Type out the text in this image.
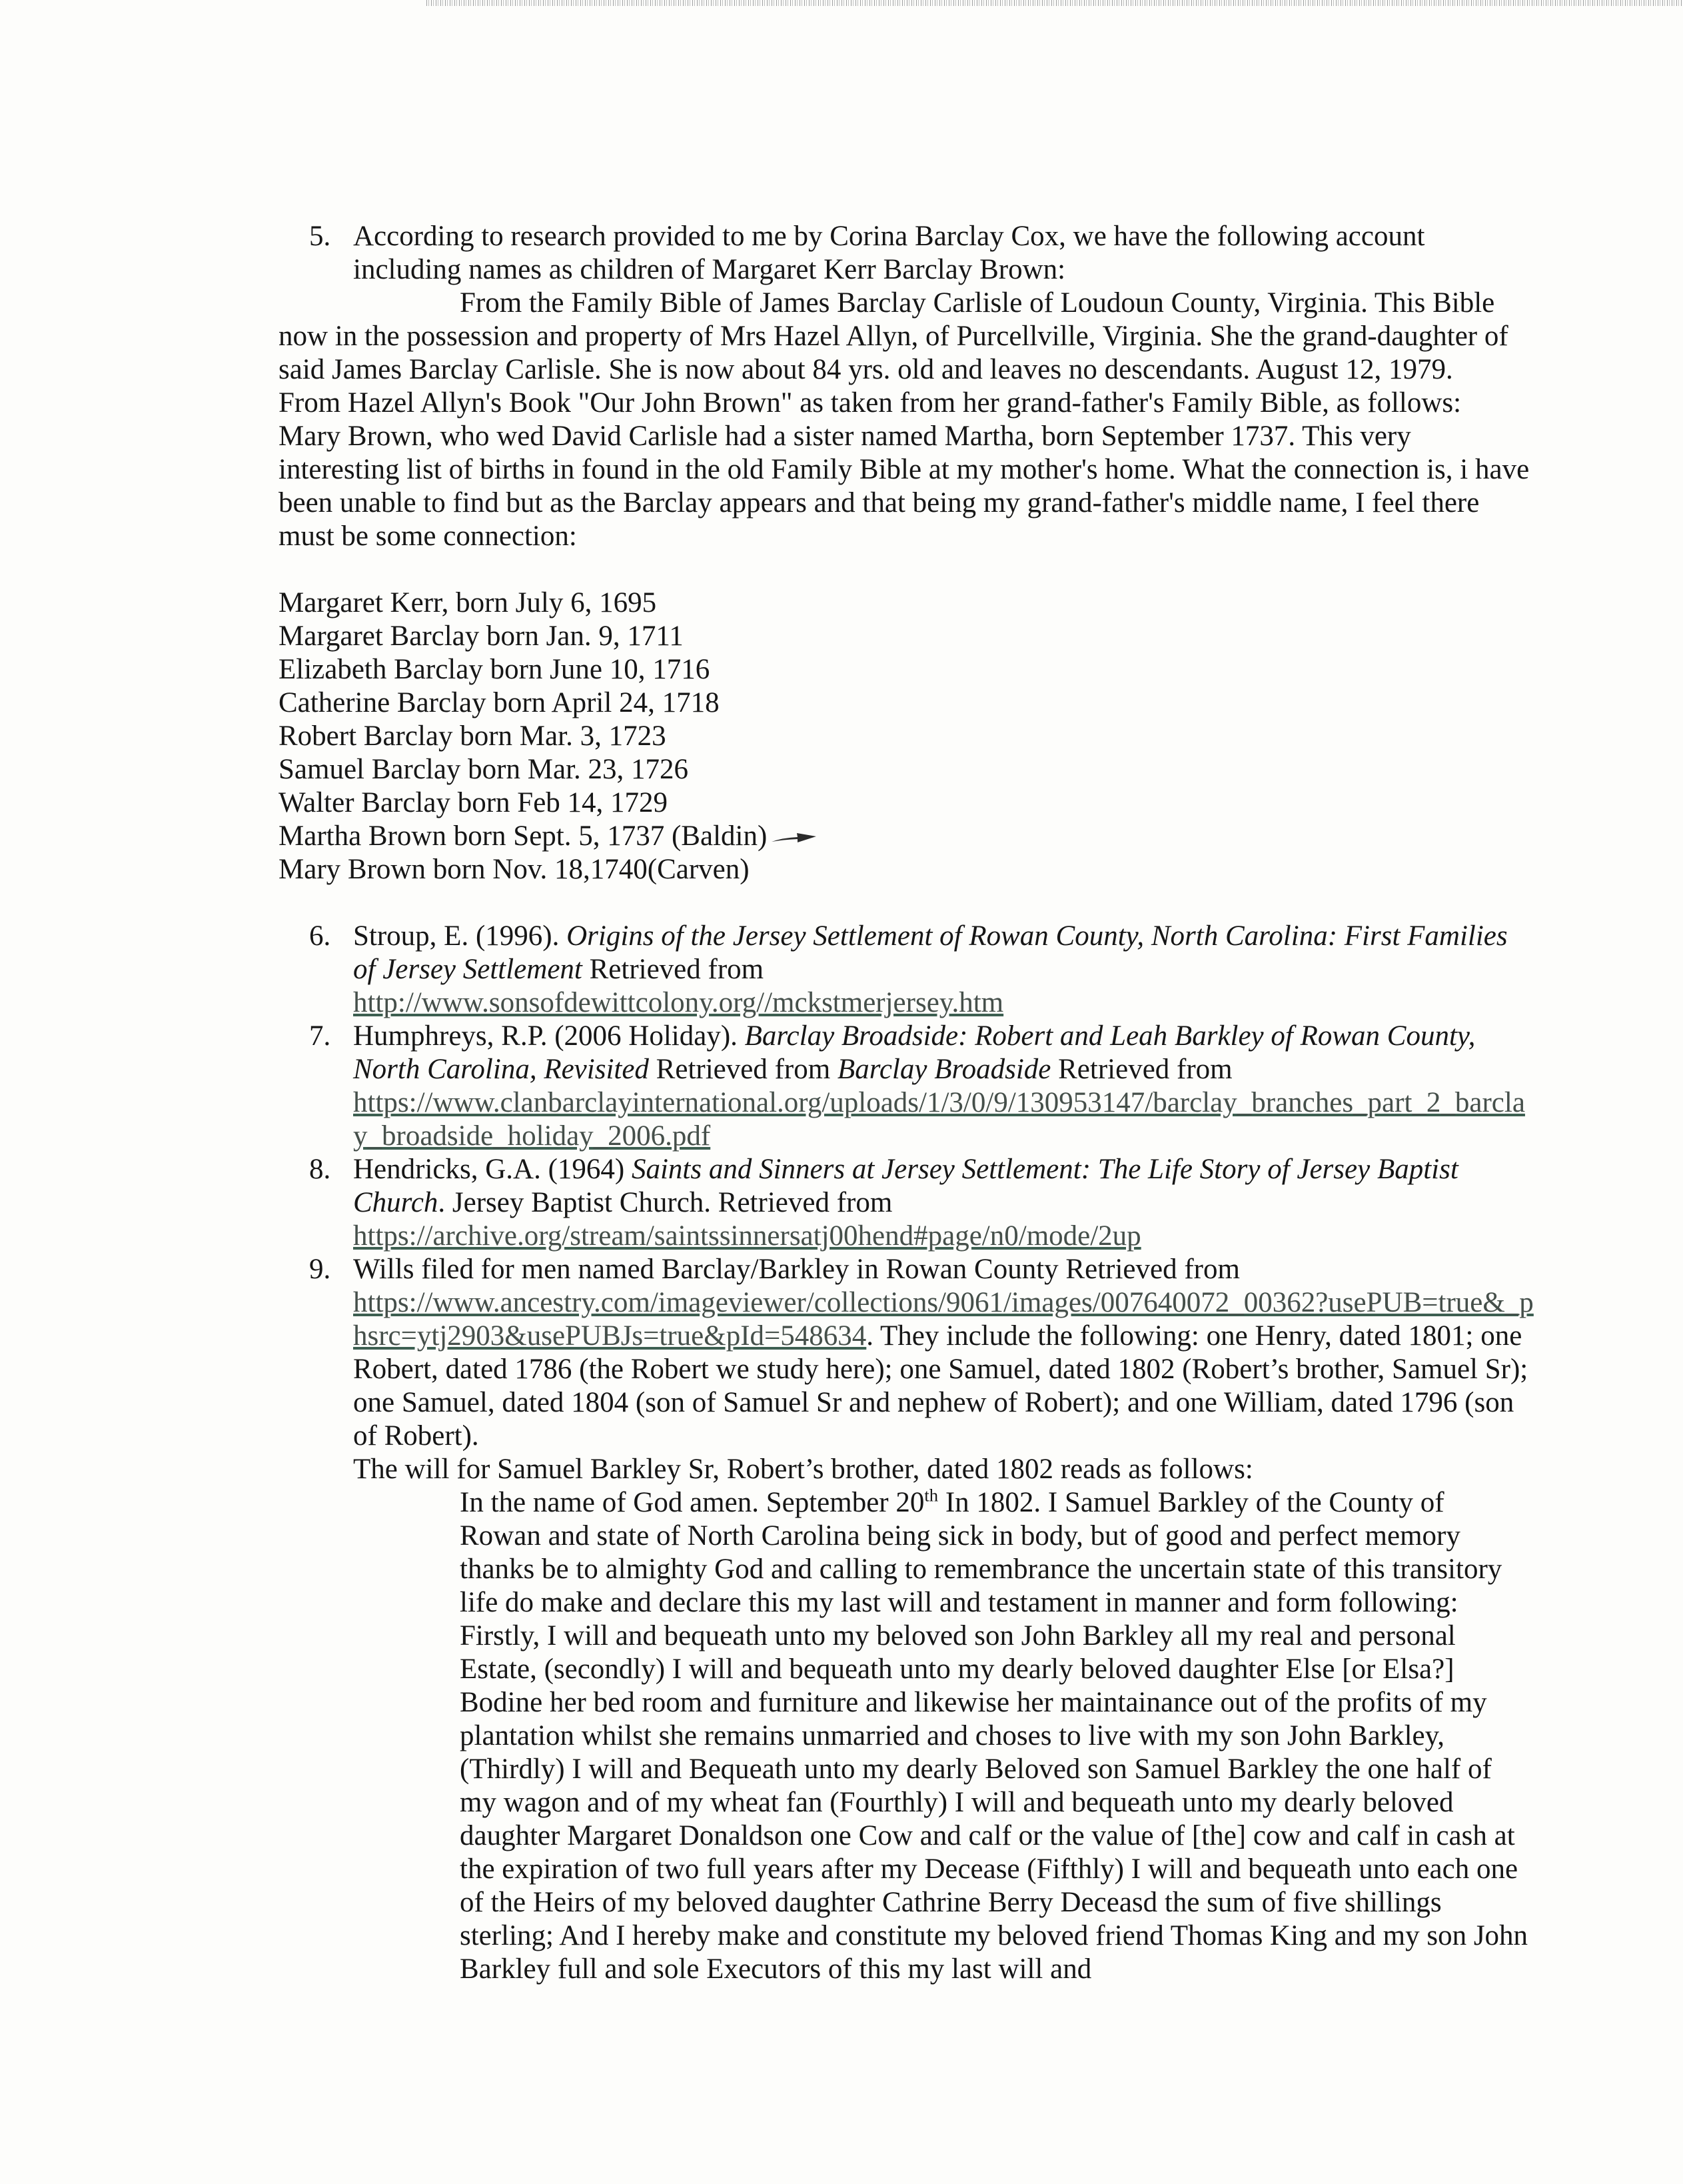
5. According to research provided to me by Corina Barclay Cox, we have the following account including names as children of Margaret Kerr Barclay Brown:
From the Family Bible of James Barclay Carlisle of Loudoun County, Virginia. This Bible now in the possession and property of Mrs Hazel Allyn, of Purcellville, Virginia. She the grand-daughter of said James Barclay Carlisle. She is now about 84 yrs. old and leaves no descendants. August 12, 1979.
From Hazel Allyn's Book "Our John Brown" as taken from her grand-father's Family Bible, as follows:
Mary Brown, who wed David Carlisle had a sister named Martha, born September 1737. This very interesting list of births in found in the old Family Bible at my mother's home. What the connection is, i have been unable to find but as the Barclay appears and that being my grand-father's middle name, I feel there must be some connection:
Margaret Kerr, born July 6, 1695
Margaret Barclay born Jan. 9, 1711
Elizabeth Barclay born June 10, 1716
Catherine Barclay born April 24, 1718
Robert Barclay born Mar. 3, 1723
Samuel Barclay born Mar. 23, 1726
Walter Barclay born Feb 14, 1729
Martha Brown born Sept. 5, 1737 (Baldin)
Mary Brown born Nov. 18,1740(Carven)
6. Stroup, E. (1996). Origins of the Jersey Settlement of Rowan County, North Carolina: First Families of Jersey Settlement Retrieved from
http://www.sonsofdewittcolony.org//mckstmerjersey.htm
7. Humphreys, R.P. (2006 Holiday). Barclay Broadside: Robert and Leah Barkley of Rowan County, North Carolina, Revisited Retrieved from Barclay Broadside Retrieved from
https://www.clanbarclayinternational.org/uploads/1/3/0/9/130953147/barclay_branches_part_2_barclay_broadside_holiday_2006.pdf
8. Hendricks, G.A. (1964) Saints and Sinners at Jersey Settlement: The Life Story of Jersey Baptist Church. Jersey Baptist Church. Retrieved from
https://archive.org/stream/saintssinnersatj00hend#page/n0/mode/2up
9. Wills filed for men named Barclay/Barkley in Rowan County Retrieved from
https://www.ancestry.com/imageviewer/collections/9061/images/007640072_00362?usePUB=true&_phsrc=ytj2903&usePUBJs=true&pId=548634. They include the following: one Henry, dated 1801; one Robert, dated 1786 (the Robert we study here); one Samuel, dated 1802 (Robert’s brother, Samuel Sr); one Samuel, dated 1804 (son of Samuel Sr and nephew of Robert); and one William, dated 1796 (son of Robert).
The will for Samuel Barkley Sr, Robert’s brother, dated 1802 reads as follows:
In the name of God amen. September 20th In 1802. I Samuel Barkley of the County of Rowan and state of North Carolina being sick in body, but of good and perfect memory thanks be to almighty God and calling to remembrance the uncertain state of this transitory life do make and declare this my last will and testament in manner and form following: Firstly, I will and bequeath unto my beloved son John Barkley all my real and personal Estate, (secondly) I will and bequeath unto my dearly beloved daughter Else [or Elsa?] Bodine her bed room and furniture and likewise her maintainance out of the profits of my plantation whilst she remains unmarried and choses to live with my son John Barkley, (Thirdly) I will and Bequeath unto my dearly Beloved son Samuel Barkley the one half of my wagon and of my wheat fan (Fourthly) I will and bequeath unto my dearly beloved daughter Margaret Donaldson one Cow and calf or the value of [the] cow and calf in cash at the expiration of two full years after my Decease (Fifthly) I will and bequeath unto each one of the Heirs of my beloved daughter Cathrine Berry Deceasd the sum of five shillings sterling; And I hereby make and constitute my beloved friend Thomas King and my son John Barkley full and sole Executors of this my last will and
